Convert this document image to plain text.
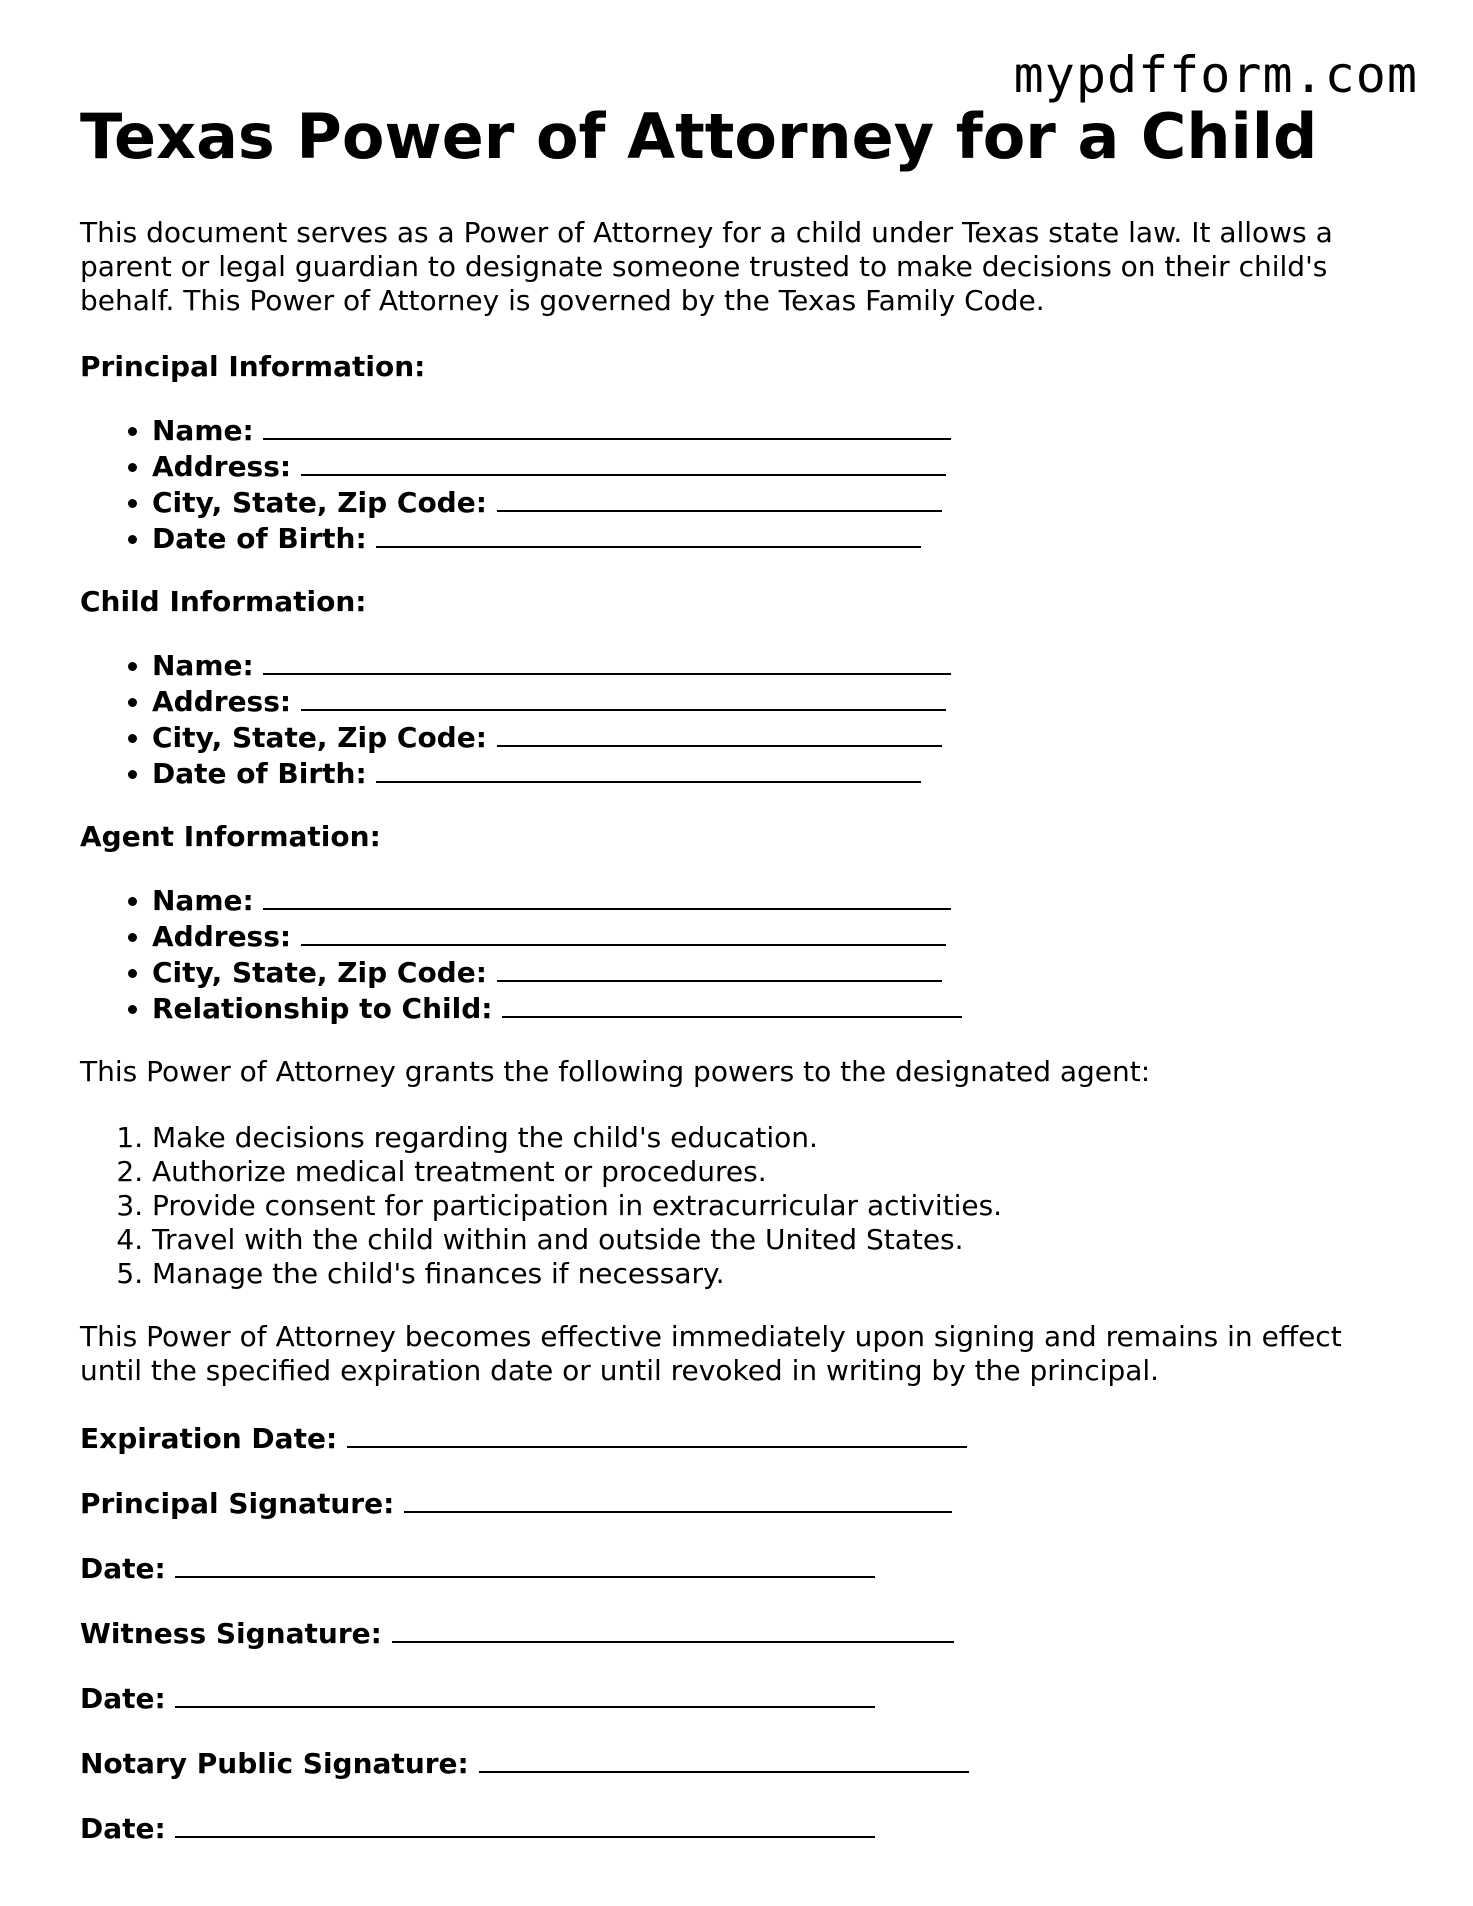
mypdfform.com
Texas Power of Attorney for a Child

This document serves as a Power of Attorney for a child under Texas state law. It allows a parent or legal guardian to designate someone trusted to make decisions on their child's behalf. This Power of Attorney is governed by the Texas Family Code.

Principal Information:

• Name:
• Address:
• City, State, Zip Code:
• Date of Birth:

Child Information:

• Name:
• Address:
• City, State, Zip Code:
• Date of Birth:

Agent Information:

• Name:
• Address:
• City, State, Zip Code:
• Relationship to Child:

This Power of Attorney grants the following powers to the designated agent:

1. Make decisions regarding the child's education.
2. Authorize medical treatment or procedures.
3. Provide consent for participation in extracurricular activities.
4. Travel with the child within and outside the United States.
5. Manage the child's finances if necessary.

This Power of Attorney becomes effective immediately upon signing and remains in effect until the specified expiration date or until revoked in writing by the principal.

Expiration Date:
Principal Signature:
Date:
Witness Signature:
Date:
Notary Public Signature:
Date:
